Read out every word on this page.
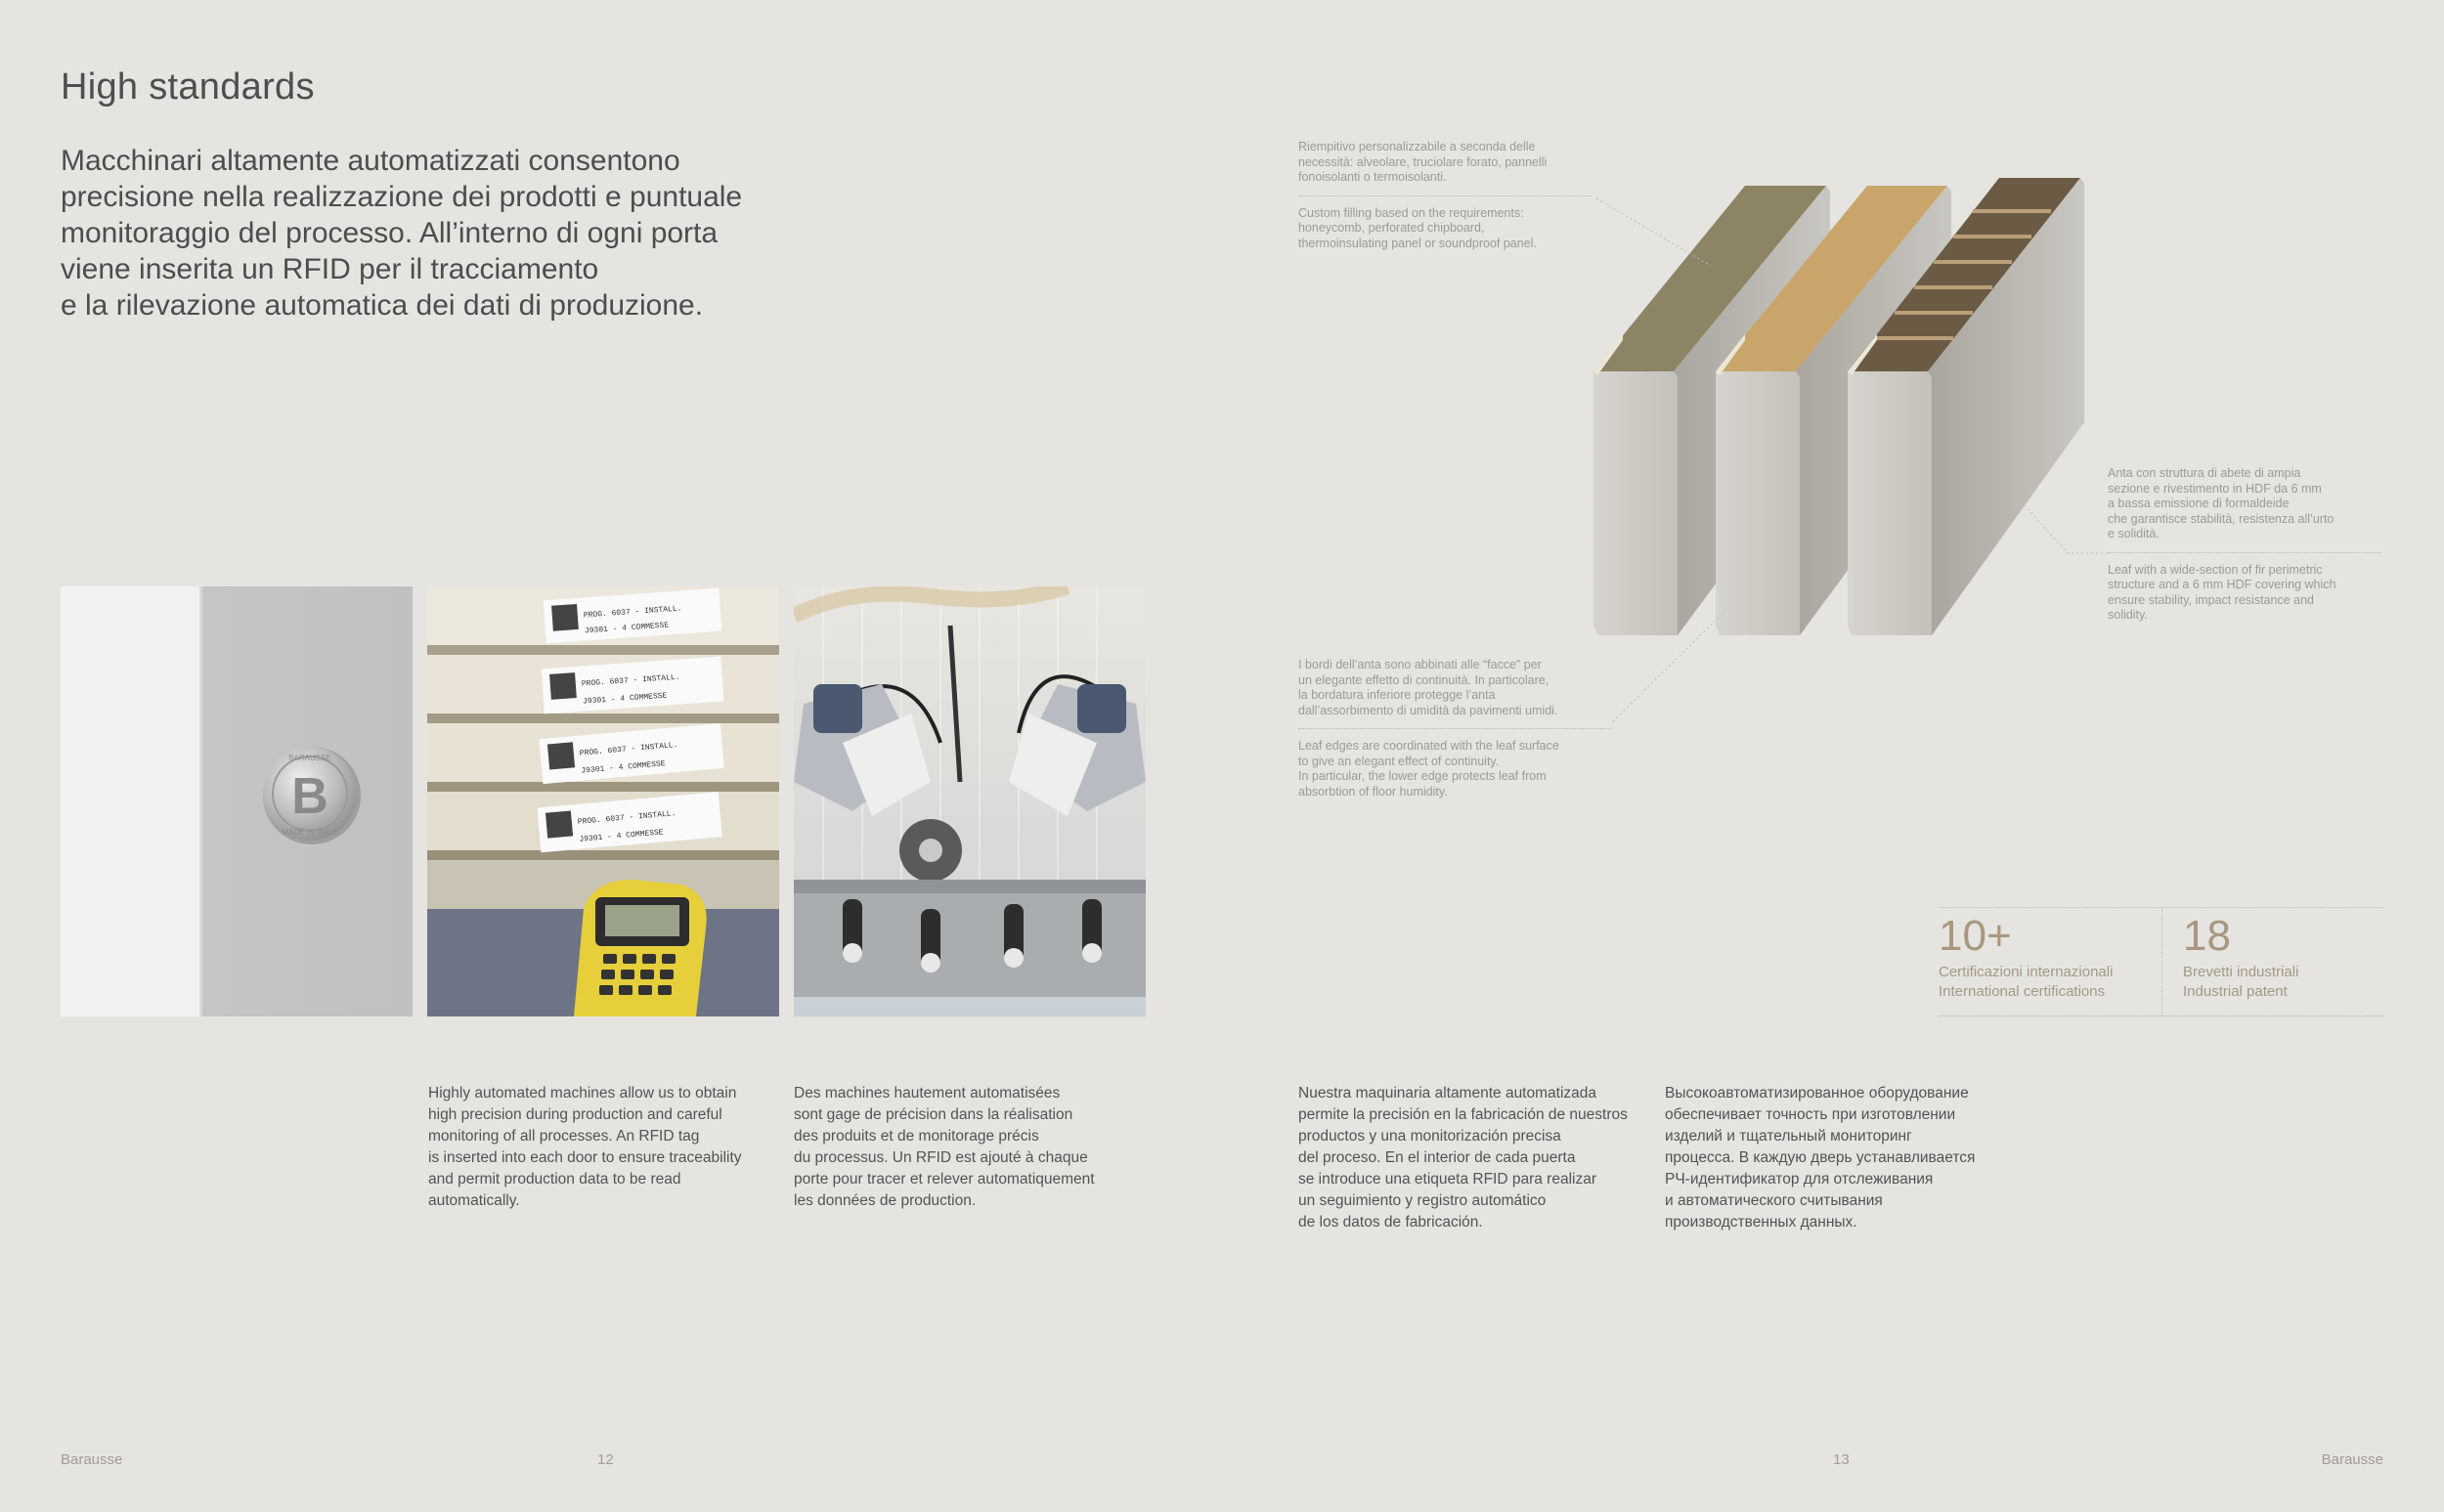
High standards
Macchinari altamente automatizzati consentono
precisione nella realizzazione dei prodotti e puntuale
monitoraggio del processo. All’interno di ogni porta
viene inserita un RFID per il tracciamento
e la rilevazione automatica dei dati di produzione.
B
BARAUSSE
MADE IN ITALY
PROG. 6037 - INSTALL.
J9301 - 4 COMMESSE
PROG. 6037 - INSTALL.
J9301 - 4 COMMESSE
PROG. 6037 - INSTALL.
J9301 - 4 COMMESSE
PROG. 6037 - INSTALL.
J9301 - 4 COMMESSE
Highly automated machines allow us to obtain
high precision during production and careful
monitoring of all processes. An RFID tag
is inserted into each door to ensure traceability
and permit production data to be read
automatically.
Des machines hautement automatisées
sont gage de précision dans la réalisation
des produits et de monitorage précis
du processus. Un RFID est ajouté à chaque
porte pour tracer et relever automatiquement
les données de production.
Riempitivo personalizzabile a seconda delle
necessità: alveolare, truciolare forato, pannelli
fonoisolanti o termoisolanti.
Custom filling based on the requirements:
honeycomb, perforated chipboard,
thermoinsulating panel or soundproof panel.
Anta con struttura di abete di ampia
sezione e rivestimento in HDF da 6 mm
a bassa emissione di formaldeide
che garantisce stabilità, resistenza all’urto
e solidità.
Leaf with a wide-section of fir perimetric
structure and a 6 mm HDF covering which
ensure stability, impact resistance and
solidity.
I bordi dell’anta sono abbinati alle “facce” per
un elegante effetto di continuità. In particolare,
la bordatura inferiore protegge l’anta
dall’assorbimento di umidità da pavimenti umidi.
Leaf edges are coordinated with the leaf surface
to give an elegant effect of continuity.
In particular, the lower edge protects leaf from
absorbtion of floor humidity.
10+
Certificazioni internazionali
International certifications
18
Brevetti industriali
Industrial patent
Nuestra maquinaria altamente automatizada
permite la precisión en la fabricación de nuestros
productos y una monitorización precisa
del proceso. En el interior de cada puerta
se introduce una etiqueta RFID para realizar
un seguimiento y registro automático
de los datos de fabricación.
Высокоавтоматизированное оборудование
обеспечивает точность при изготовлении
изделий и тщательный мониторинг
процесса. В каждую дверь устанавливается
РЧ-идентификатор для отслеживания
и автоматического считывания
производственных данных.
Barausse	12	13	Barausse
